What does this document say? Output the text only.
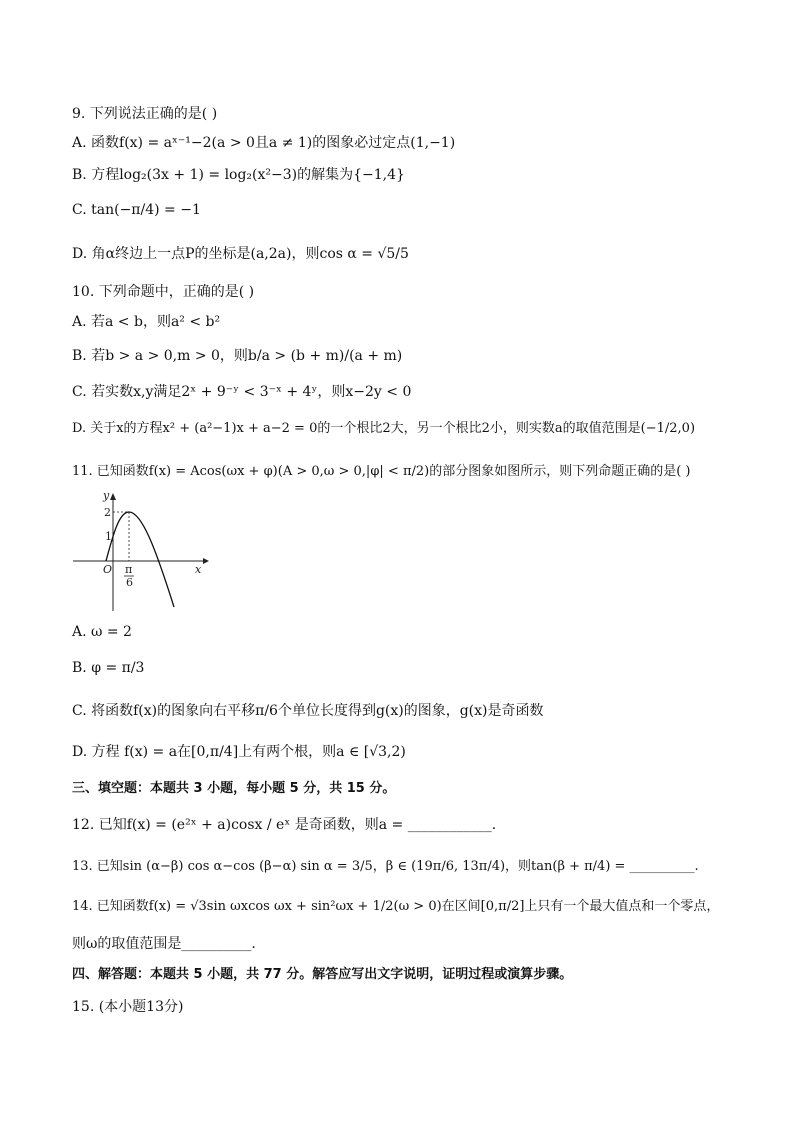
9. 下列说法正确的是( )
A. 函数f(x) = aˣ⁻¹−2(a > 0且a ≠ 1)的图象必过定点(1,−1)
B. 方程log₂(3x + 1) = log₂(x²−3)的解集为{−1,4}
C. tan(−π/4) = −1
D. 角α终边上一点P的坐标是(a,2a)，则cos α = √5/5
10. 下列命题中，正确的是( )
A. 若a < b，则a² < b²
B. 若b > a > 0,m > 0，则b/a > (b + m)/(a + m)
C. 若实数x,y满足2ˣ + 9⁻ʸ < 3⁻ˣ + 4ʸ，则x−2y < 0
D. 关于x的方程x² + (a²−1)x + a−2 = 0的一个根比2大，另一个根比2小，则实数a的取值范围是(−1/2,0)
11. 已知函数f(x) = Acos(ωx + φ)(A > 0,ω > 0,|φ| < π/2)的部分图象如图所示，则下列命题正确的是( )
y
x
O
2
1
π
6
A. ω = 2
B. φ = π/3
C. 将函数f(x)的图象向右平移π/6个单位长度得到g(x)的图象，g(x)是奇函数
D. 方程 f(x) = a在[0,π/4]上有两个根，则a ∈ [√3,2)
三、填空题：本题共 3 小题，每小题 5 分，共 15 分。
12. 已知f(x) = (e²ˣ + a)cosx / eˣ 是奇函数，则a = ____________.
13. 已知sin (α−β) cos α−cos (β−α) sin α = 3/5，β ∈ (19π/6, 13π/4)，则tan(β + π/4) = __________.
14. 已知函数f(x) = √3sin ωxcos ωx + sin²ωx + 1/2(ω > 0)在区间[0,π/2]上只有一个最大值点和一个零点，
则ω的取值范围是__________.
四、解答题：本题共 5 小题，共 77 分。解答应写出文字说明，证明过程或演算步骤。
15. (本小题13分)
